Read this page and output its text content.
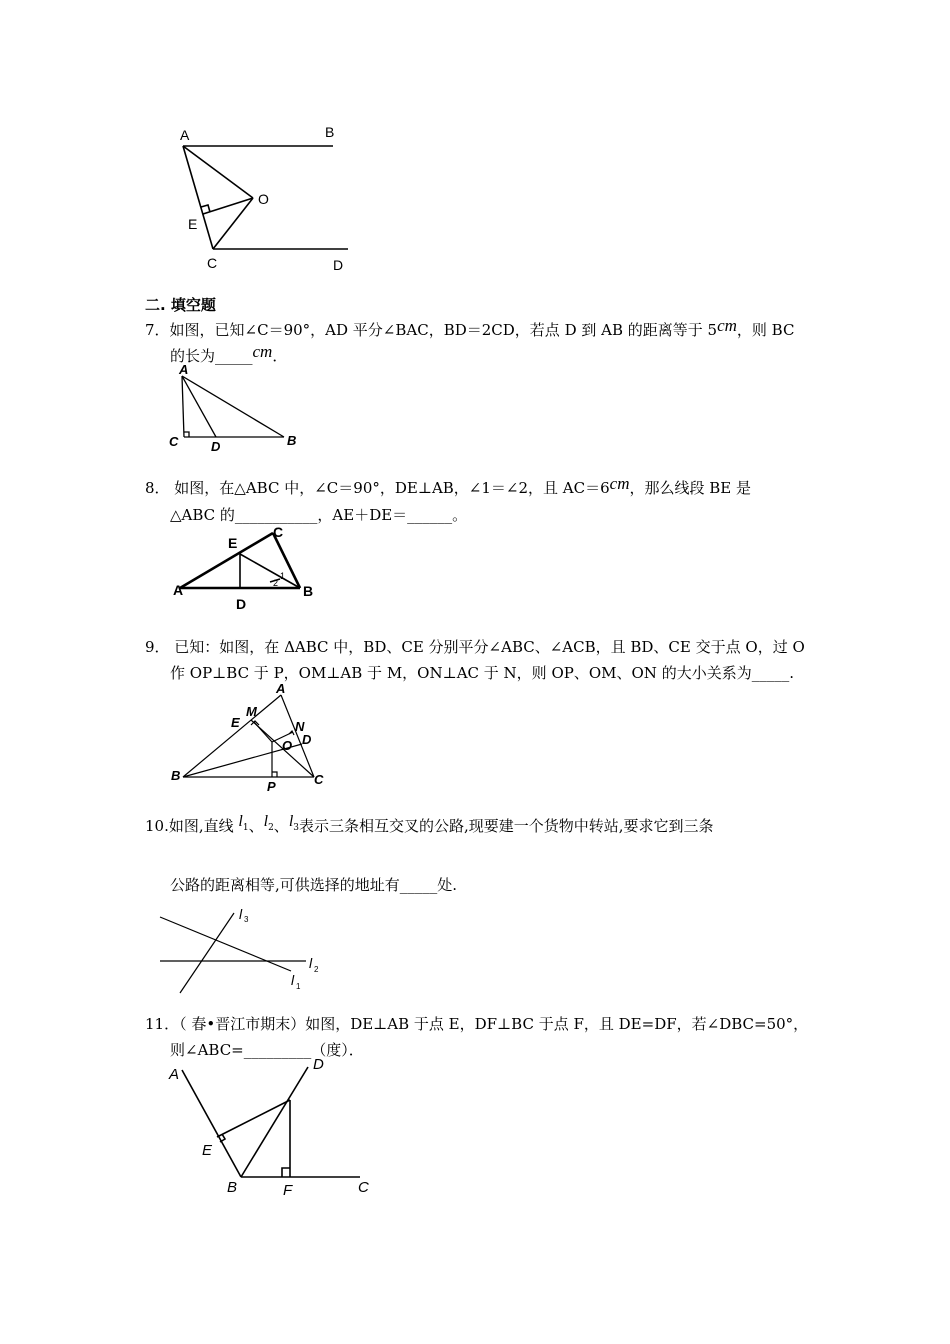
A	B
O
E
C	D
二. 填空题
7．如图，已知∠C＝90°，AD 平分∠BAC，BD＝2CD，若点 D 到 AB 的距离等于 5cm，则 BC
的长为_____cm．
A
C	D	B
8． 如图，在△ABC 中，∠C＝90°，DE⊥AB，∠1＝∠2，且 AC＝6cm，那么线段 BE 是
△ABC 的___________，AE＋DE＝______。
E
C
A
D
B
1
2
9． 已知：如图，在 ΔABC 中，BD、CE 分别平分∠ABC、∠ACB，且 BD、CE 交于点 O，过 O
作 OP⊥BC 于 P，OM⊥AB 于 M，ON⊥AC 于 N，则 OP、OM、ON 的大小关系为_____.
A
M
E	N
D
O
B
P	C
10.如图,直线 $l_1$、$l_2$、$l_3$表示三条相互交叉的公路,现要建一个货物中转站,要求它到三条
公路的距离相等,可供选择的地址有_____处.
l 3
l 2
l 1
11．（ 春•晋江市期末）如图，DE⊥AB 于点 E，DF⊥BC 于点 F，且 DE=DF，若∠DBC=50°，
则∠ABC=_________（度）．
A
D
E
B	F	C
